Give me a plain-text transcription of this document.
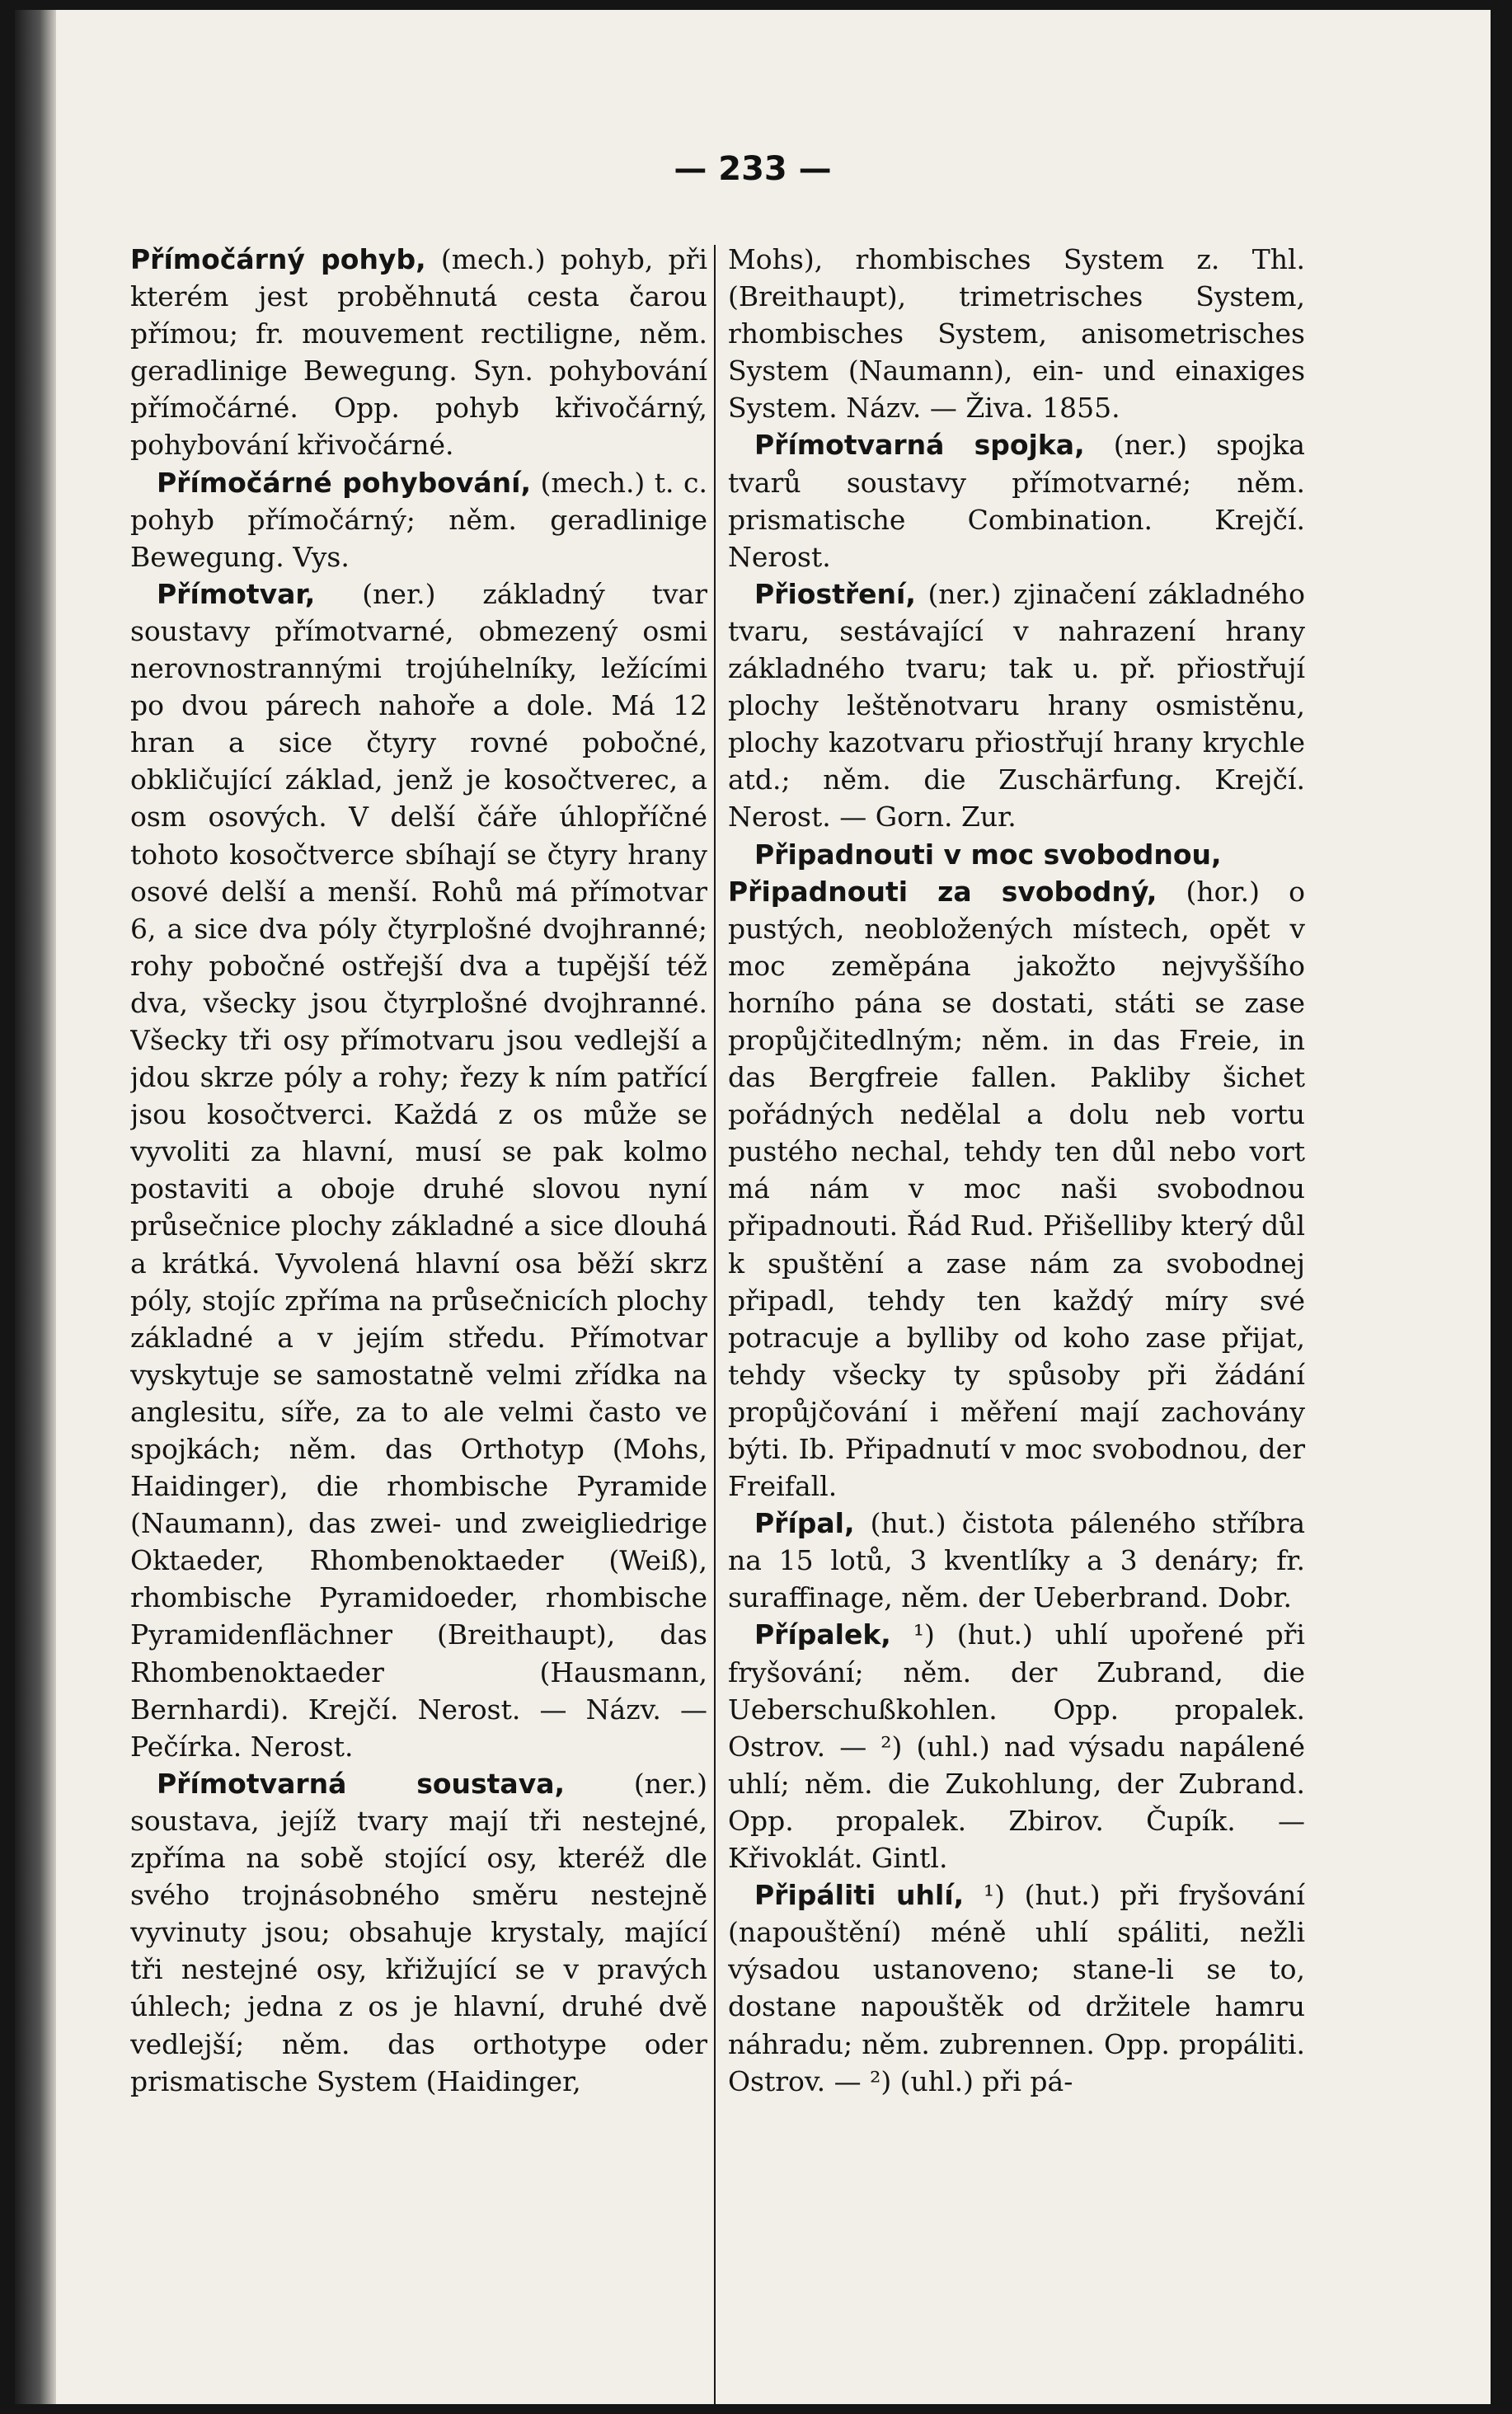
— 233 —

Přímočárný pohyb, (mech.) pohyb, při kterém jest proběhnutá cesta čarou přímou; fr. mouvement rectiligne, něm. geradlinige Bewegung. Syn. pohybování přímočárné. Opp. pohyb křivočárný, pohybování křivočárné.

Přímočárné pohybování, (mech.) t. c. pohyb přímočárný; něm. geradlinige Bewegung. Vys.

Přímotvar, (ner.) základný tvar soustavy přímotvarné, obmezený osmi nerovnostrannými trojúhelníky, ležícími po dvou párech nahoře a dole. Má 12 hran a sice čtyry rovné pobočné, obkličující základ, jenž je kosočtverec, a osm osových. V delší čáře úhlopříčné tohoto kosočtverce sbíhají se čtyry hrany osové delší a menší. Rohů má přímotvar 6, a sice dva póly čtyrplošné dvojhranné; rohy pobočné ostřejší dva a tupější též dva, všecky jsou čtyrplošné dvojhranné. Všecky tři osy přímotvaru jsou vedlejší a jdou skrze póly a rohy; řezy k ním patřící jsou kosočtverci. Každá z os může se vyvoliti za hlavní, musí se pak kolmo postaviti a oboje druhé slovou nyní průsečnice plochy základné a sice dlouhá a krátká. Vyvolená hlavní osa běží skrz póly, stojíc zpříma na průsečnicích plochy základné a v jejím středu. Přímotvar vyskytuje se samostatně velmi zřídka na anglesitu, síře, za to ale velmi často ve spojkách; něm. das Orthotyp (Mohs, Haidinger), die rhombische Pyramide (Naumann), das zwei- und zweigliedrige Oktaeder, Rhombenoktaeder (Weiß), rhombische Pyramidoeder, rhombische Pyramidenflächner (Breithaupt), das Rhombenoktaeder (Hausmann, Bernhardi). Krejčí. Nerost. — Názv. — Pečírka. Nerost.

Přímotvarná soustava,	(ner.) soustava, jejíž tvary mají tři nestejné, zpříma na sobě stojící osy, kteréž dle svého trojnásobného směru nestejně vyvinuty jsou; obsahuje krystaly, mající tři nestejné osy, křižující se v pravých úhlech; jedna z os je hlavní, druhé dvě vedlejší; něm. das orthotype oder prismatische System (Haidinger,

Mohs), rhombisches System z. Thl. (Breithaupt), trimetrisches System, rhombisches System, anisometrisches System (Naumann), ein- und einaxiges System. Názv. — Živa. 1855.

Přímotvarná spojka, (ner.) spojka tvarů soustavy přímotvarné; něm. prismatische Combination. Krejčí. Nerost.

Přiostření, (ner.) zjinačení základného tvaru, sestávající v nahrazení hrany základného tvaru; tak u. př. přiostřují plochy leštěnotvaru hrany osmistěnu, plochy kazotvaru přiostřují hrany krychle atd.; něm. die Zuschärfung. Krejčí. Nerost. — Gorn. Zur.

Připadnouti v moc svobodnou,

Připadnouti za svobodný, (hor.) o pustých, neobložených místech, opět v moc zeměpána jakožto nejvyššího horního pána se dostati, státi se zase propůjčitedlným; něm. in das Freie, in das Bergfreie fallen. Pakliby šichet pořádných nedělal a dolu neb vortu pustého nechal, tehdy ten důl nebo vort má nám v moc naši svobodnou připadnouti. Řád Rud. Přišelliby který důl k spuštění a zase nám za svobodnej připadl, tehdy ten každý míry své potracuje a bylliby od koho zase přijat, tehdy všecky ty spůsoby při žádání propůjčování i měření mají zachovány býti. Ib. Připadnutí v moc svobodnou, der Freifall.

Přípal, (hut.) čistota páleného stříbra na 15 lotů, 3 kventlíky a 3 denáry; fr. suraffinage, něm. der Ueberbrand. Dobr.

Přípalek, ¹) (hut.) uhlí upořené při fryšování; něm. der Zubrand, die Ueberschußkohlen. Opp. propalek. Ostrov. — ²) (uhl.) nad výsadu napálené uhlí; něm. die Zukohlung, der Zubrand. Opp. propalek. Zbirov. Čupík. — Křivoklát. Gintl.

Připáliti uhlí, ¹) (hut.) při fryšování (napouštění) méně uhlí spáliti, nežli výsadou ustanoveno; stane-li se to, dostane napouštěk od držitele hamru náhradu; něm. zubrennen. Opp. propáliti. Ostrov. — ²) (uhl.) při pá-
